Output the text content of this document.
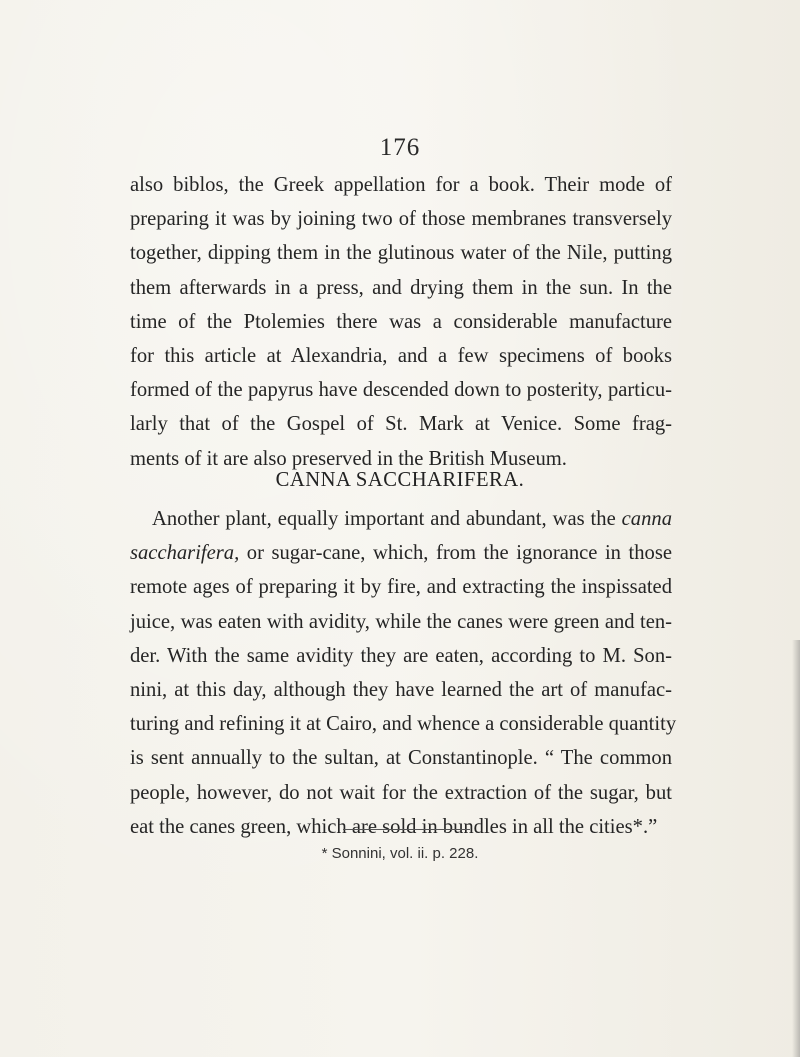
176
also biblos, the Greek appellation for a book. Their mode of
preparing it was by joining two of those membranes transversely
together, dipping them in the glutinous water of the Nile, putting
them afterwards in a press, and drying them in the sun. In the
time of the Ptolemies there was a considerable manufacture
for this article at Alexandria, and a few specimens of books
formed of the papyrus have descended down to posterity, particu-
larly that of the Gospel of St. Mark at Venice. Some frag-
ments of it are also preserved in the British Museum.
CANNA SACCHARIFERA.
Another plant, equally important and abundant, was the canna
saccharifera, or sugar-cane, which, from the ignorance in those
remote ages of preparing it by fire, and extracting the inspissated
juice, was eaten with avidity, while the canes were green and ten-
der. With the same avidity they are eaten, according to M. Son-
nini, at this day, although they have learned the art of manufac-
turing and refining it at Cairo, and whence a considerable quantity
is sent annually to the sultan, at Constantinople. “ The common
people, however, do not wait for the extraction of the sugar, but
eat the canes green, which are sold in bundles in all the cities*.”
* Sonnini, vol. ii. p. 228.
